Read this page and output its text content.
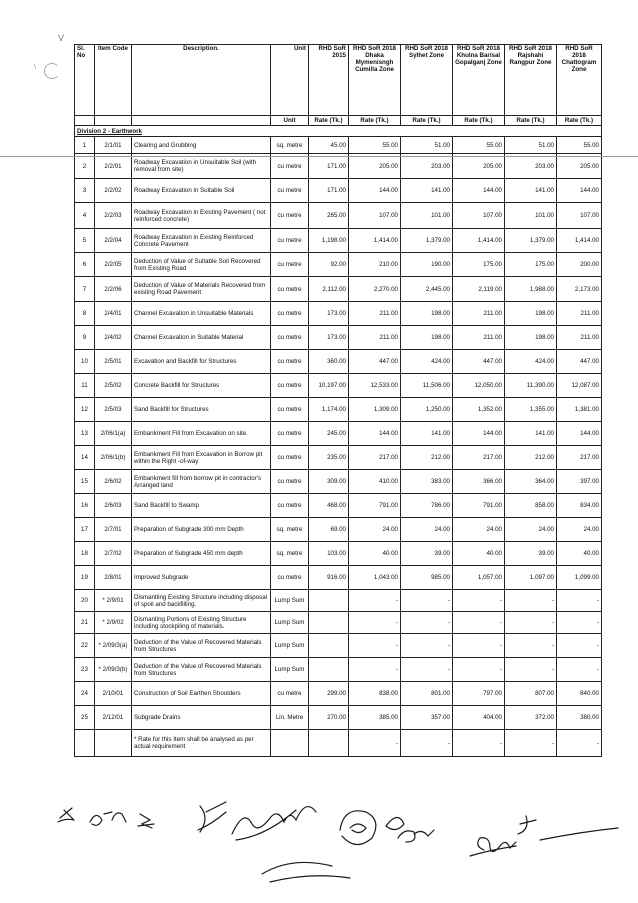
V
\
Sl. No	Item Code	Description.	Unit	RHD SoR 2015	RHD SoR 2018 Dhaka Mymenisngh Cumilla Zone	RHD SoR 2018 Sylhet Zone	RHD SoR 2018 Khulna Barisal Gopalganj Zone	RHD SoR 2018 Rajshahi Rangpur Zone	RHD SoR 2018 Chattogram Zone
			Unit	Rate (Tk.)	Rate (Tk.)	Rate (Tk.)	Rate (Tk.)	Rate (Tk.)	Rate (Tk.)
Division 2 - Earthwork									
1	2/1/01	Clearing and Grubbing	sq. metre	45.00	55.00	51.00	55.00	51.00	55.00
2	2/2/01	Roadway Excavation in Unsuitable Soil (with removal from site)	cu metre	171.00	205.00	203.00	205.00	203.00	205.00
3	2/2/02	Roadway Excavation in Suitable Soil	cu metre	171.00	144.00	141.00	144.00	141.00	144.00
4	2/2/03	Roadway Excavation in Existing Pavement ( not reinforced concrete)	cu metre	265.00	107.00	101.00	107.00	101.00	107.00
5	2/2/04	Roadway Excavation in Existing Reinforced Concrete Pavement	cu metre	1,198.00	1,414.00	1,379.00	1,414.00	1,379.00	1,414.00
6	2/2/05	Deduction of Value of Suitable Soil Recovered from Existing Road	cu metre	92.00	210.00	190.00	175.00	175.00	200.00
7	2/2/06	Deduction of Value of Materials Recovered from existing Road Pavement	cu metre	2,112.00	2,270.00	2,445.00	2,119.00	1,988.00	2,173.00
8	2/4/01	Channel Excavation in Unsuitable Materials	cu metre	173.00	211.00	198.00	211.00	198.00	211.00
9	2/4/02	Channel Excavation in Suitable Material	cu metre	173.00	211.00	198.00	211.00	198.00	211.00
10	2/5/01	Excavation and Backfill for Structures	cu metre	360.00	447.00	424.00	447.00	424.00	447.00
11	2/5/02	Concrete Backfill for Structures	cu metre	10,197.00	12,533.00	11,506.00	12,050.00	11,390.00	12,087.00
12	2/5/03	Sand Backfill for Structures	cu metre	1,174.00	1,309.00	1,250.00	1,352.00	1,355.00	1,381.00
13	2/06/1(a)	Embankment Fill from Excavation on site.	cu metre	245.00	144.00	141.00	144.00	141.00	144.00
14	2/06/1(b)	Embankment Fill from Excavation in Borrow pit within the Right -of-way	cu metre	235.00	217.00	212.00	217.00	212.00	217.00
15	2/6/02	Embankment fill from borrow pit in contractor's Arranged land	cu metre	309.00	410.00	383.00	366.00	364.00	397.00
16	2/6/03	Sand Backfill to Swamp	cu metre	468.00	791.00	786.00	791.00	858.00	834.00
17	2/7/01	Preparation of Subgrade 300 mm Depth	sq. metre	69.00	24.00	24.00	24.00	24.00	24.00
18	2/7/02	Preparation of Subgrade 450 mm depth	sq. metre	103.00	40.00	39.00	40.00	39.00	40.00
19	2/8/01	Improved Subgrade	cu metre	916.00	1,043.00	985.00	1,057.00	1,097.00	1,099.00
20	* 2/9/01	Dismantling Existing Structure including disposal of spoil and backfilling.	Lump Sum		-	-	-	-	-
21	* 2/9/02	Dismanting Portions of Existing Structure including stockpiling of materials.	Lump Sum		-	-	-	-	-
22	* 2/09/3(a)	Deduction of the Value of Recovered Materials from Structures	Lump Sum		-	-	-	-	-
23	* 2/09/3(b)	Deduction of the Value of Recovered Materials from Structures	Lump Sum		-	-	-	-	-
24	2/10/01	Construction of Soil Earthen Shoulders	cu metre	299.00	838.00	801.00	797.00	807.00	840.00
25	2/12/01	Subgrade Drains	Lin. Metre	270.00	385.00	357.00	404.00	372.00	380.00
		* Rate for this Item shall be analysed as per actual requirement			-	-	-	-	-
